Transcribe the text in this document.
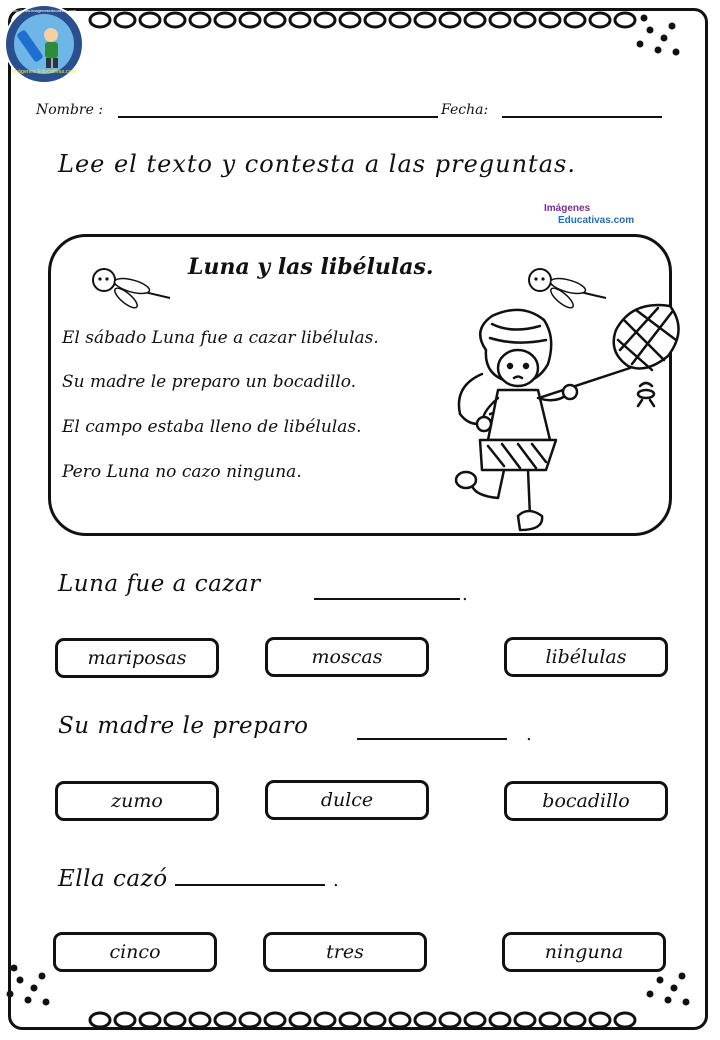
Imágenes Educativas.com
http://www.imageneseducativas.com
Nombre :	Fecha:
Lee el texto y contesta a las preguntas.
Imágenes
Educativas.com
Luna y las libélulas.
El sábado Luna fue a cazar libélulas.
Su madre le preparo un bocadillo.
El campo estaba lleno de libélulas.
Pero Luna no cazo ninguna.
Luna fue a cazar	.
mariposas	moscas	libélulas
Su madre le preparo	.
zumo	dulce	bocadillo
Ella cazó	.
cinco	tres	ninguna
